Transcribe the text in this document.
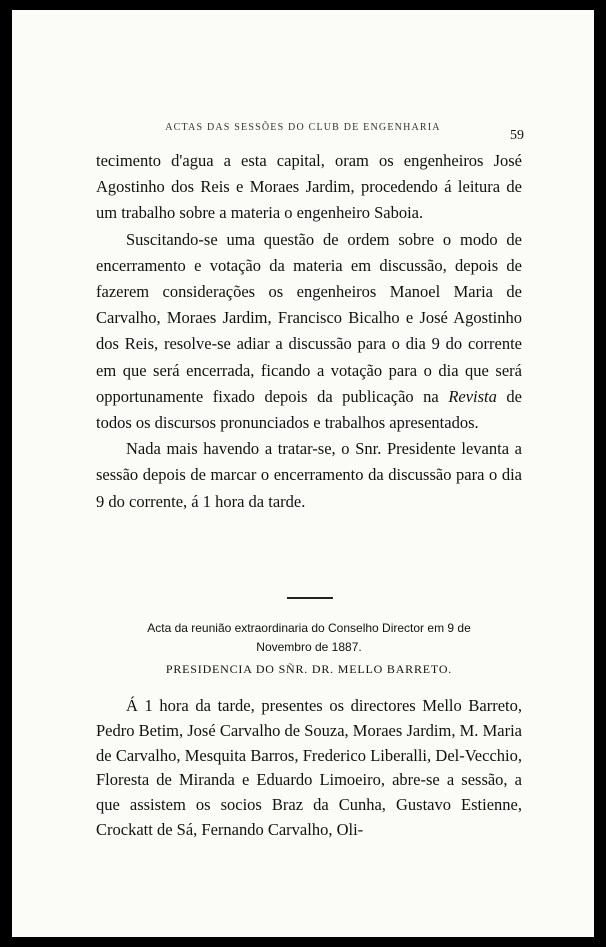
ACTAS DAS SESSÕES DO CLUB DE ENGENHARIA
59

tecimento d'agua a esta capital, oram os engenheiros José Agostinho dos Reis e Moraes Jardim, procedendo á leitura de um trabalho sobre a materia o engenheiro Saboia.

Suscitando-se uma questão de ordem sobre o modo de encerramento e votação da materia em discussão, depois de fazerem considerações os engenheiros Manoel Maria de Carvalho, Moraes Jardim, Francisco Bicalho e José Agostinho dos Reis, resolve-se adiar a discussão para o dia 9 do corrente em que será encerrada, ficando a votação para o dia que será opportunamente fixado depois da publicação na Revista de todos os discursos pronunciados e trabalhos apresentados.

Nada mais havendo a tratar-se, o Snr. Presidente levanta a sessão depois de marcar o encerramento da discussão para o dia 9 do corrente, á 1 hora da tarde.

Acta da reunião extraordinaria do Conselho Director em 9 de
Novembro de 1887.
PRESIDENCIA DO SÑR. DR. MELLO BARRETO.

Á 1 hora da tarde, presentes os directores Mello Barreto, Pedro Betim, José Carvalho de Souza, Moraes Jardim, M. Maria de Carvalho, Mesquita Barros, Frederico Liberalli, Del-Vecchio, Floresta de Miranda e Eduardo Limoeiro, abre-se a sessão, a que assistem os socios Braz da Cunha, Gustavo Estienne, Crockatt de Sá, Fernando Carvalho, Oli-
